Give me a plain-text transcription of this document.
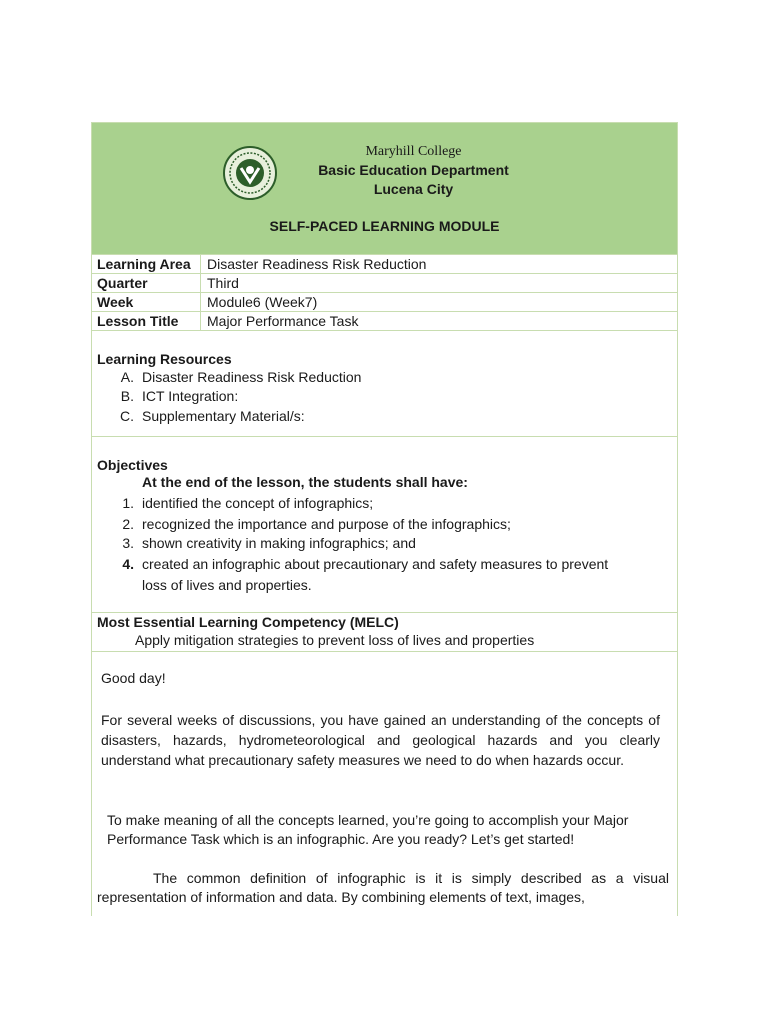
Maryhill College
Basic Education Department
Lucena City
SELF-PACED LEARNING MODULE
Learning Area	Disaster Readiness Risk Reduction
Quarter	Third
Week	Module6 (Week7)
Lesson Title	Major Performance Task
Learning Resources
A. Disaster Readiness Risk Reduction
B. ICT Integration:
C. Supplementary Material/s:
Objectives
At the end of the lesson, the students shall have:
1. identified the concept of infographics;
2. recognized the importance and purpose of the infographics;
3. shown creativity in making infographics; and
4. created an infographic about precautionary and safety measures to prevent
loss of lives and properties.
Most Essential Learning Competency (MELC)
Apply mitigation strategies to prevent loss of lives and properties
Good day!
For several weeks of discussions, you have gained an understanding of the concepts of disasters, hazards, hydrometeorological and geological hazards and you clearly understand what precautionary safety measures we need to do when hazards occur.
To make meaning of all the concepts learned, you’re going to accomplish your Major
Performance Task which is an infographic. Are you ready? Let’s get started!
The common definition of infographic is it is simply described as a visual representation of information and data. By combining elements of text, images,
